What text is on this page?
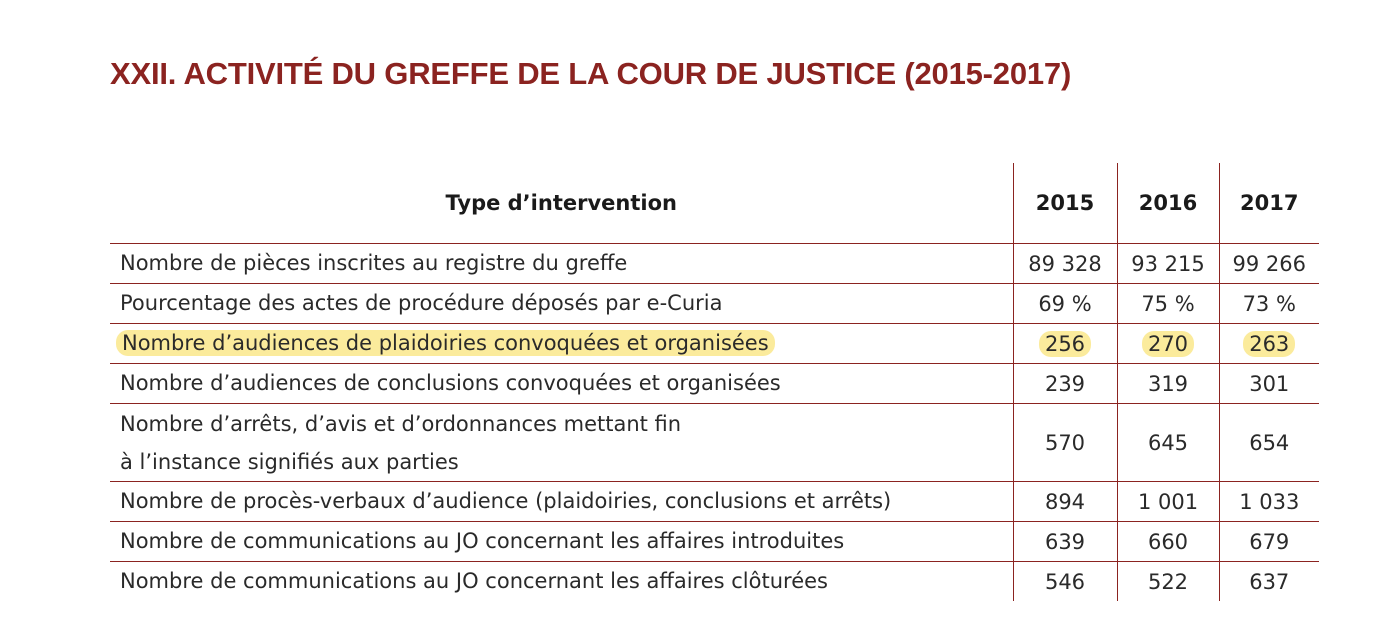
XXII. ACTIVITÉ DU GREFFE DE LA COUR DE JUSTICE (2015-2017)
Type d’intervention	2015	2016	2017
Nombre de pièces inscrites au registre du greffe	89 328	93 215	99 266
Pourcentage des actes de procédure déposés par e-Curia	69 %	75 %	73 %
Nombre d’audiences de plaidoiries convoquées et organisées	256	270	263
Nombre d’audiences de conclusions convoquées et organisées	239	319	301

Nombre d’arrêts, d’avis et d’ordonnances mettant fin
à l’instance signifiés aux parties	570	645	654
Nombre de procès-verbaux d’audience (plaidoiries, conclusions et arrêts)	894	1 001	1 033
Nombre de communications au JO concernant les affaires introduites	639	660	679
Nombre de communications au JO concernant les affaires clôturées	546	522	637
